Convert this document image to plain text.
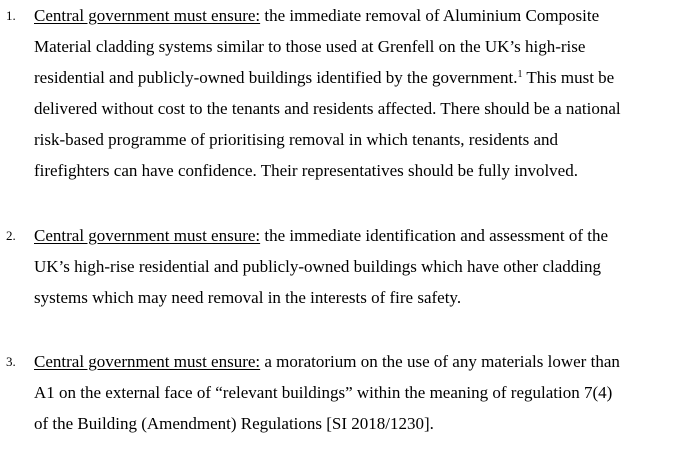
1. Central government must ensure: the immediate removal of Aluminium Composite
Material cladding systems similar to those used at Grenfell on the UK’s high-rise
residential and publicly-owned buildings identified by the government.$^1$ This must be
delivered without cost to the tenants and residents affected. There should be a national
risk-based programme of prioritising removal in which tenants, residents and
firefighters can have confidence. Their representatives should be fully involved.
2. Central government must ensure: the immediate identification and assessment of the
UK’s high-rise residential and publicly-owned buildings which have other cladding
systems which may need removal in the interests of fire safety.
3. Central government must ensure: a moratorium on the use of any materials lower than
A1 on the external face of “relevant buildings” within the meaning of regulation 7(4)
of the Building (Amendment) Regulations [SI 2018/1230].
